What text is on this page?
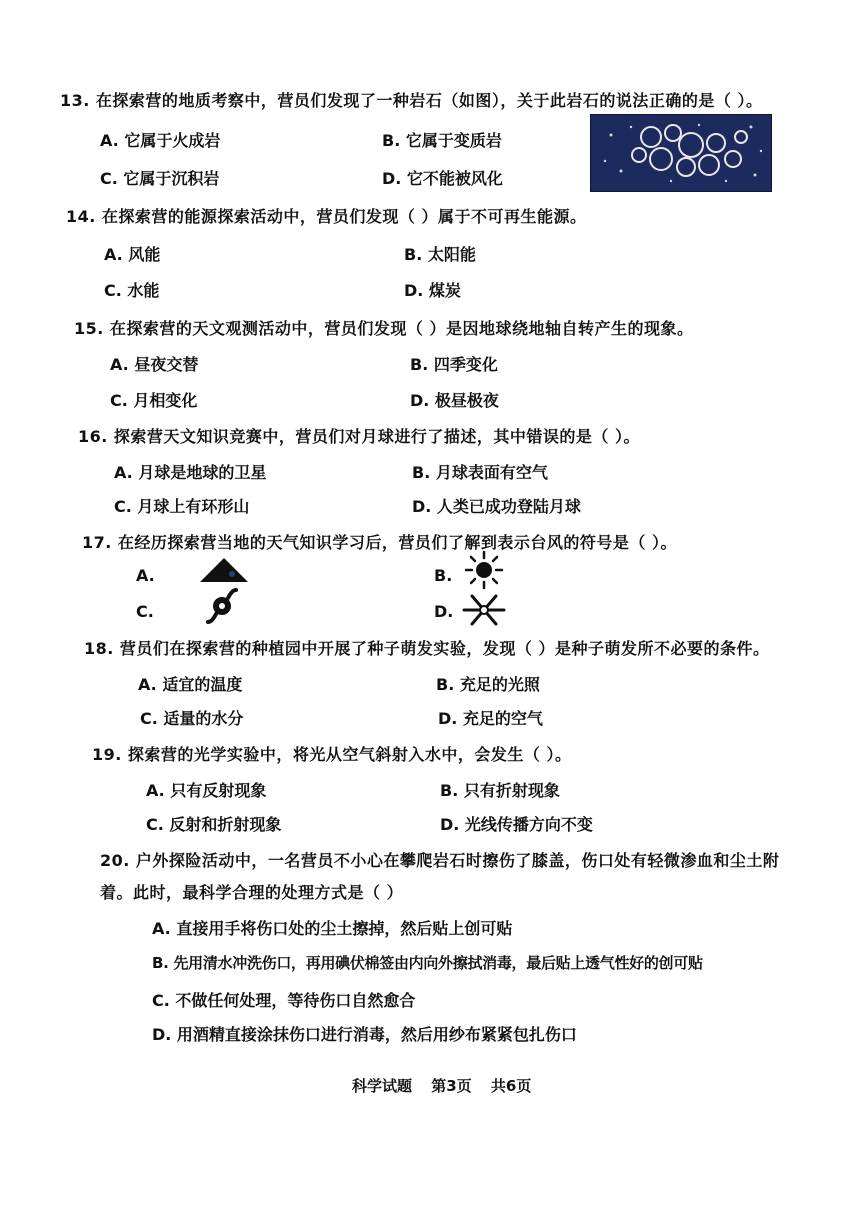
13. 在探索营的地质考察中，营员们发现了一种岩石（如图），关于此岩石的说法正确的是（ ）。
A. 它属于火成岩	B. 它属于变质岩
C. 它属于沉积岩	D. 它不能被风化
14. 在探索营的能源探索活动中，营员们发现（ ）属于不可再生能源。
A. 风能	B. 太阳能
C. 水能	D. 煤炭
15. 在探索营的天文观测活动中，营员们发现（ ）是因地球绕地轴自转产生的现象。
A. 昼夜交替	B. 四季变化
C. 月相变化	D. 极昼极夜
16. 探索营天文知识竞赛中，营员们对月球进行了描述，其中错误的是（ ）。
A. 月球是地球的卫星	B. 月球表面有空气
C. 月球上有环形山	D. 人类已成功登陆月球
17. 在经历探索营当地的天气知识学习后，营员们了解到表示台风的符号是（ ）。
A.	B.
C.	D.
18. 营员们在探索营的种植园中开展了种子萌发实验，发现（ ）是种子萌发所不必要的条件。
A. 适宜的温度	B. 充足的光照
C. 适量的水分	D. 充足的空气
19. 探索营的光学实验中，将光从空气斜射入水中，会发生（ ）。
A. 只有反射现象	B. 只有折射现象
C. 反射和折射现象	D. 光线传播方向不变
20. 户外探险活动中，一名营员不小心在攀爬岩石时擦伤了膝盖，伤口处有轻微渗血和尘土附
着。此时，最科学合理的处理方式是（ ）
A. 直接用手将伤口处的尘土擦掉，然后贴上创可贴
B. 先用清水冲洗伤口，再用碘伏棉签由内向外擦拭消毒，最后贴上透气性好的创可贴
C. 不做任何处理，等待伤口自然愈合
D. 用酒精直接涂抹伤口进行消毒，然后用纱布紧紧包扎伤口
科学试题 第3页 共6页
